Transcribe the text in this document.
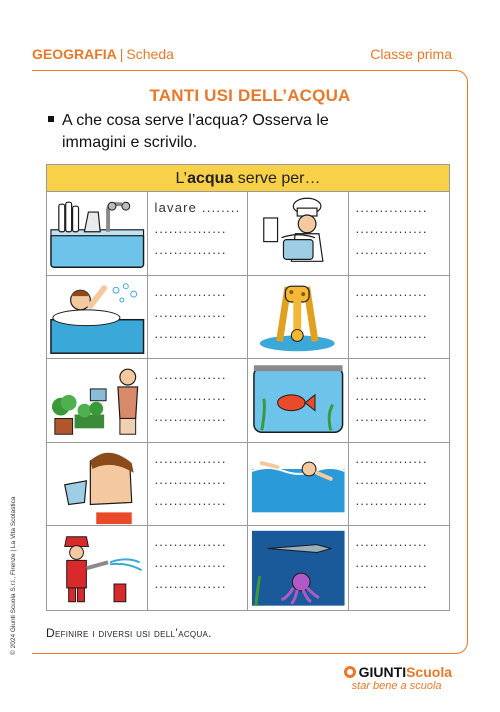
GEOGRAFIA | Scheda	Classe prima
TANTI USI DELL’ACQUA
A che cosa serve l’acqua? Osserva le
immagini e scrivilo.
L’acqua serve per…
lavare ........
...............
...............
...............
...............
...............
...............
...............
...............
...............
...............
...............
...............
...............
...............
...............
...............
...............
...............
...............
...............
...............
...............
...............
...............
...............
...............
...............
...............
...............
Definire i diversi usi dell’acqua.
© 2024 Giunti Scuola S.r.l., Firenze | La Vita Scolastica
GIUNTIScuola
star bene a scuola
